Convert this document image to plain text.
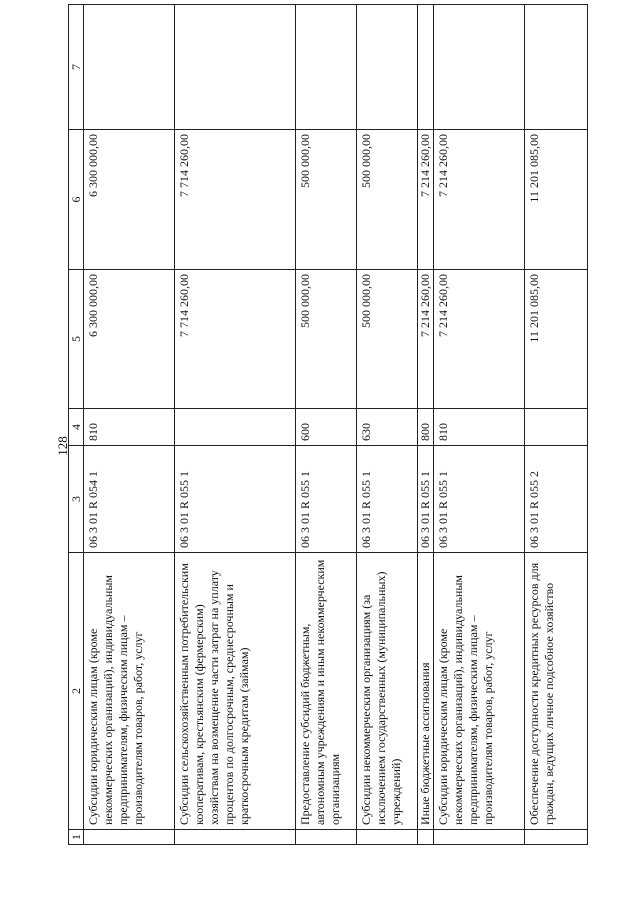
128
1	2	3	4	5	6	7
	Субсидии юридическим лицам (кроме некоммерческих организаций), индивидуальным предпринимателям, физическим лицам – производителям товаров, работ, услуг	06 3 01 R 054 1	810	6 300 000,00	6 300 000,00	
	Субсидии сельскохозяйственным потребительским кооперативам, крестьянским (фермерским) хозяйствам на возмещение части затрат на уплату процентов по долгосрочным, среднесрочным и краткосрочным кредитам (займам)	06 3 01 R 055 1		7 714 260,00	7 714 260,00	
	Предоставление субсидий бюджетным, автономным учреждениям и иным некоммерческим организациям	06 3 01 R 055 1	600	500 000,00	500 000,00	
	Субсидии некоммерческим организациям (за исключением государственных (муниципальных) учреждений)	06 3 01 R 055 1	630	500 000,00	500 000,00	
	Иные бюджетные ассигнования	06 3 01 R 055 1	800	7 214 260,00	7 214 260,00	
	Субсидии юридическим лицам (кроме некоммерческих организаций), индивидуальным предпринимателям, физическим лицам – производителям товаров, работ, услуг	06 3 01 R 055 1	810	7 214 260,00	7 214 260,00	
	Обеспечение доступности кредитных ресурсов для граждан, ведущих личное подсобное хозяйство	06 3 01 R 055 2		11 201 085,00	11 201 085,00	
